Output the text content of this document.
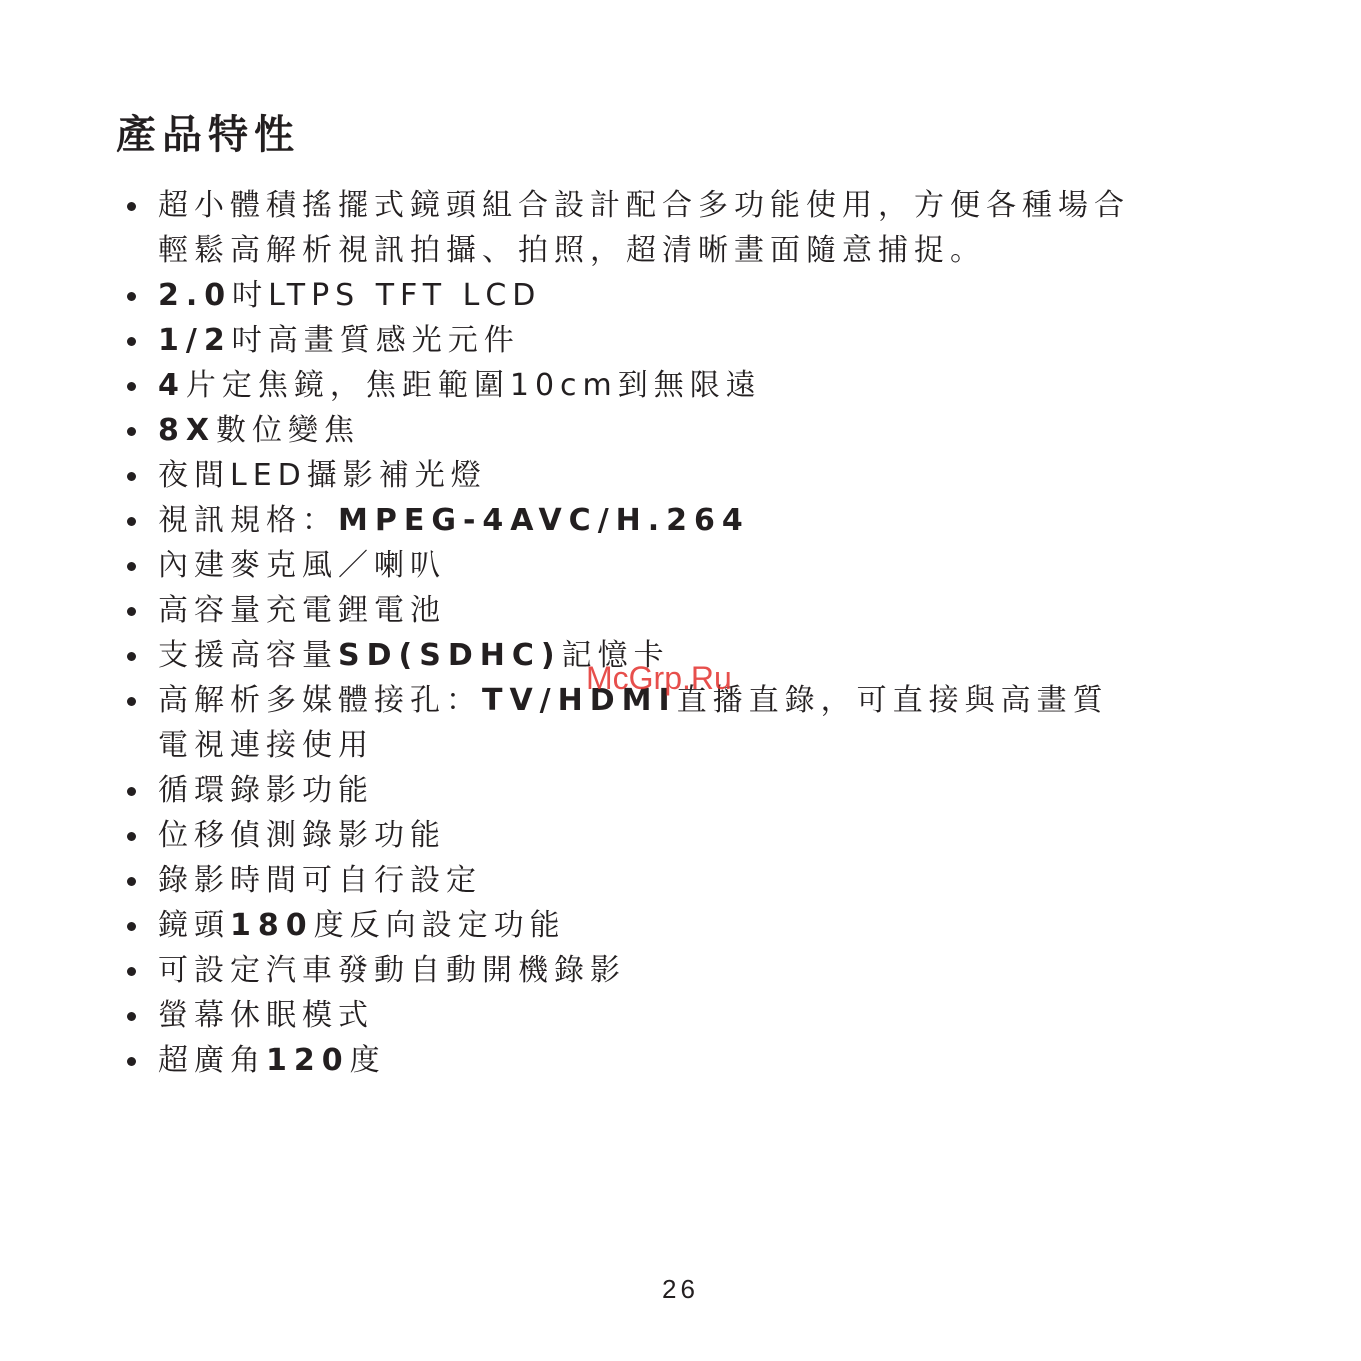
產品特性
超小體積搖擺式鏡頭組合設計配合多功能使用，方便各種場合
輕鬆高解析視訊拍攝、拍照，超清晰畫面隨意捕捉。
2.0吋LTPS TFT LCD
1/2吋高畫質感光元件
4片定焦鏡，焦距範圍10cm到無限遠
8X數位變焦
夜間LED攝影補光燈
視訊規格：MPEG-4AVC/H.264
內建麥克風／喇叭
高容量充電鋰電池
支援高容量SD(SDHC)記憶卡
高解析多媒體接孔：TV/HDMI直播直錄，可直接與高畫質
電視連接使用
循環錄影功能
位移偵測錄影功能
錄影時間可自行設定
鏡頭180度反向設定功能
可設定汽車發動自動開機錄影
螢幕休眠模式
超廣角120度
McGrp.Ru
26
